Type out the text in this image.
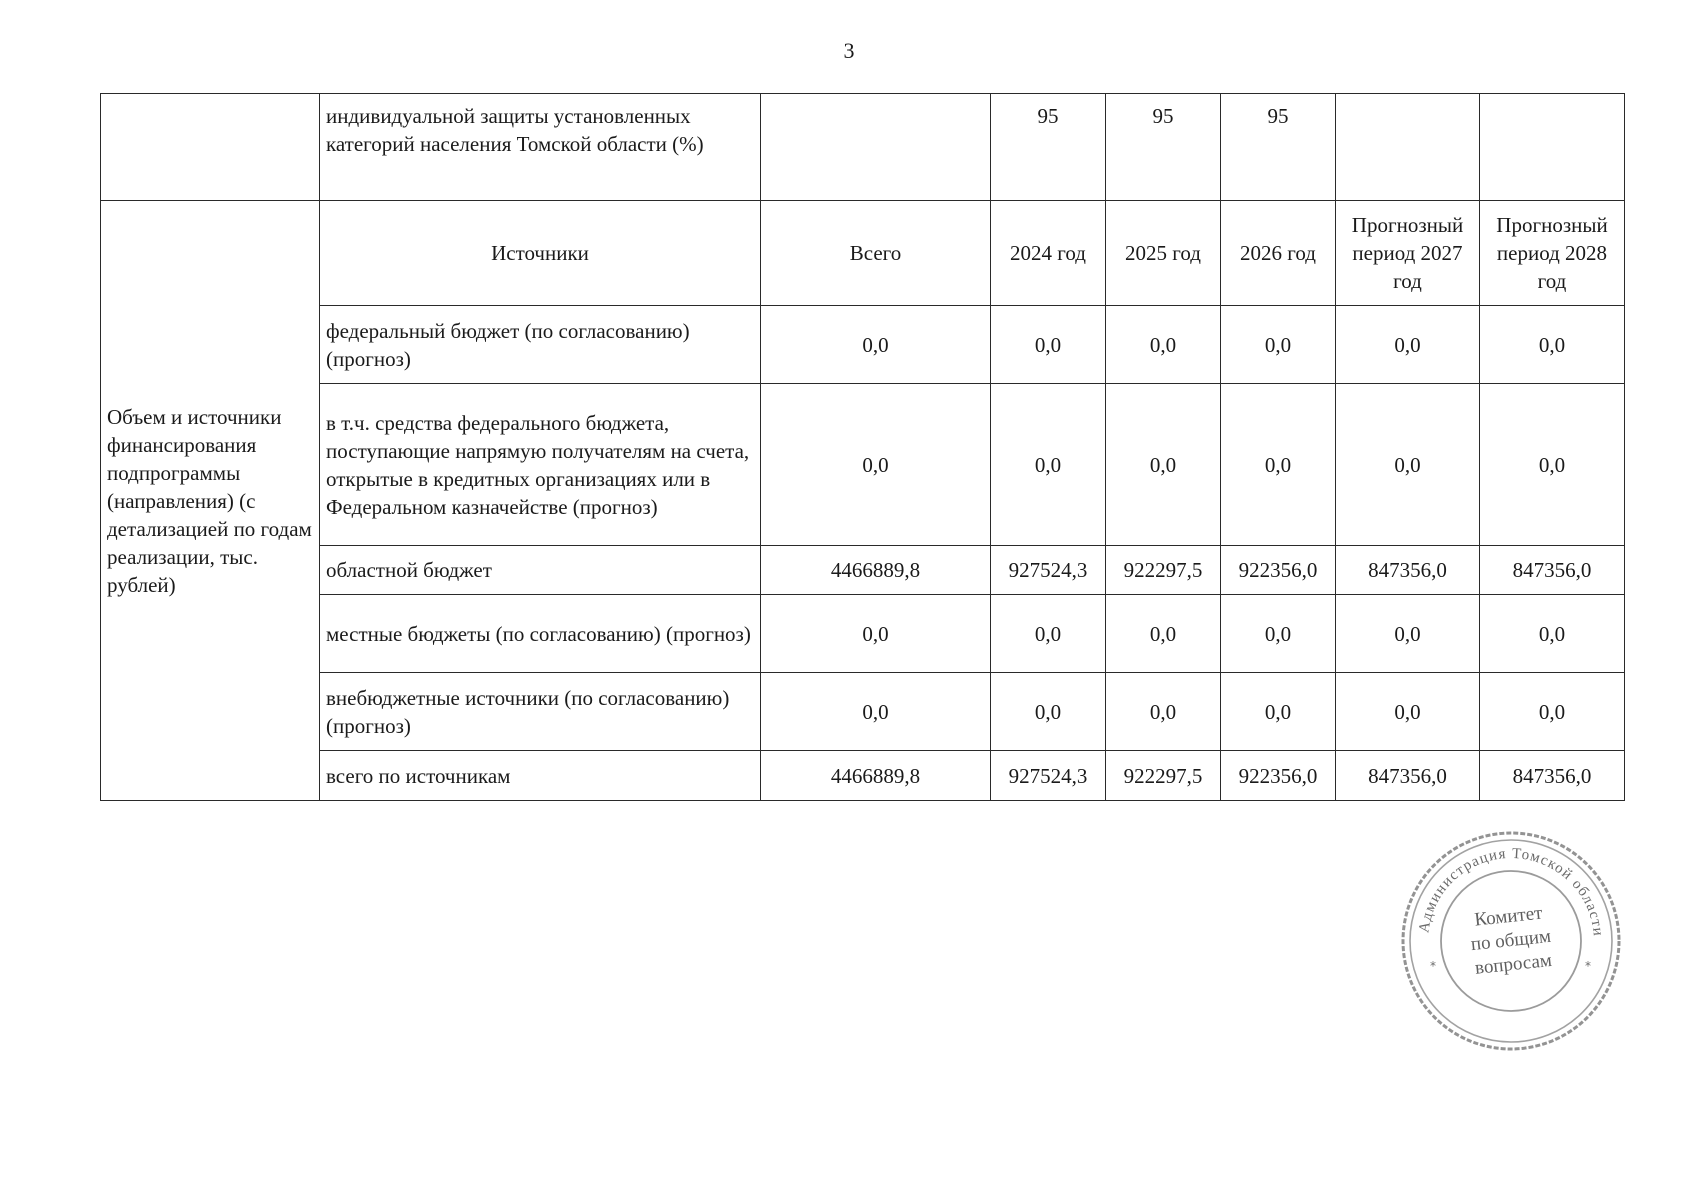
3
	индивидуальной защиты установленных категорий населения Томской области (%)		95	95	95		
Объем и источники финансирования подпрограммы (направления) (с детализацией по годам реализации, тыс. рублей)	Источники	Всего	2024 год	2025 год	2026 год	Прогнозный период 2027 год	Прогнозный период 2028 год
	федеральный бюджет (по согласованию) (прогноз)	0,0	0,0	0,0	0,0	0,0	0,0
	в т.ч. средства федерального бюджета, поступающие напрямую получателям на счета, открытые в кредитных организациях или в Федеральном казначействе (прогноз)	0,0	0,0	0,0	0,0	0,0	0,0
	областной бюджет	4466889,8	927524,3	922297,5	922356,0	847356,0	847356,0
	местные бюджеты (по согласованию) (прогноз)	0,0	0,0	0,0	0,0	0,0	0,0
	внебюджетные источники (по согласованию) (прогноз)	0,0	0,0	0,0	0,0	0,0	0,0
	всего по источникам	4466889,8	927524,3	922297,5	922356,0	847356,0	847356,0
Администрация Томской области
*	*
Комитет
по общим
вопросам
